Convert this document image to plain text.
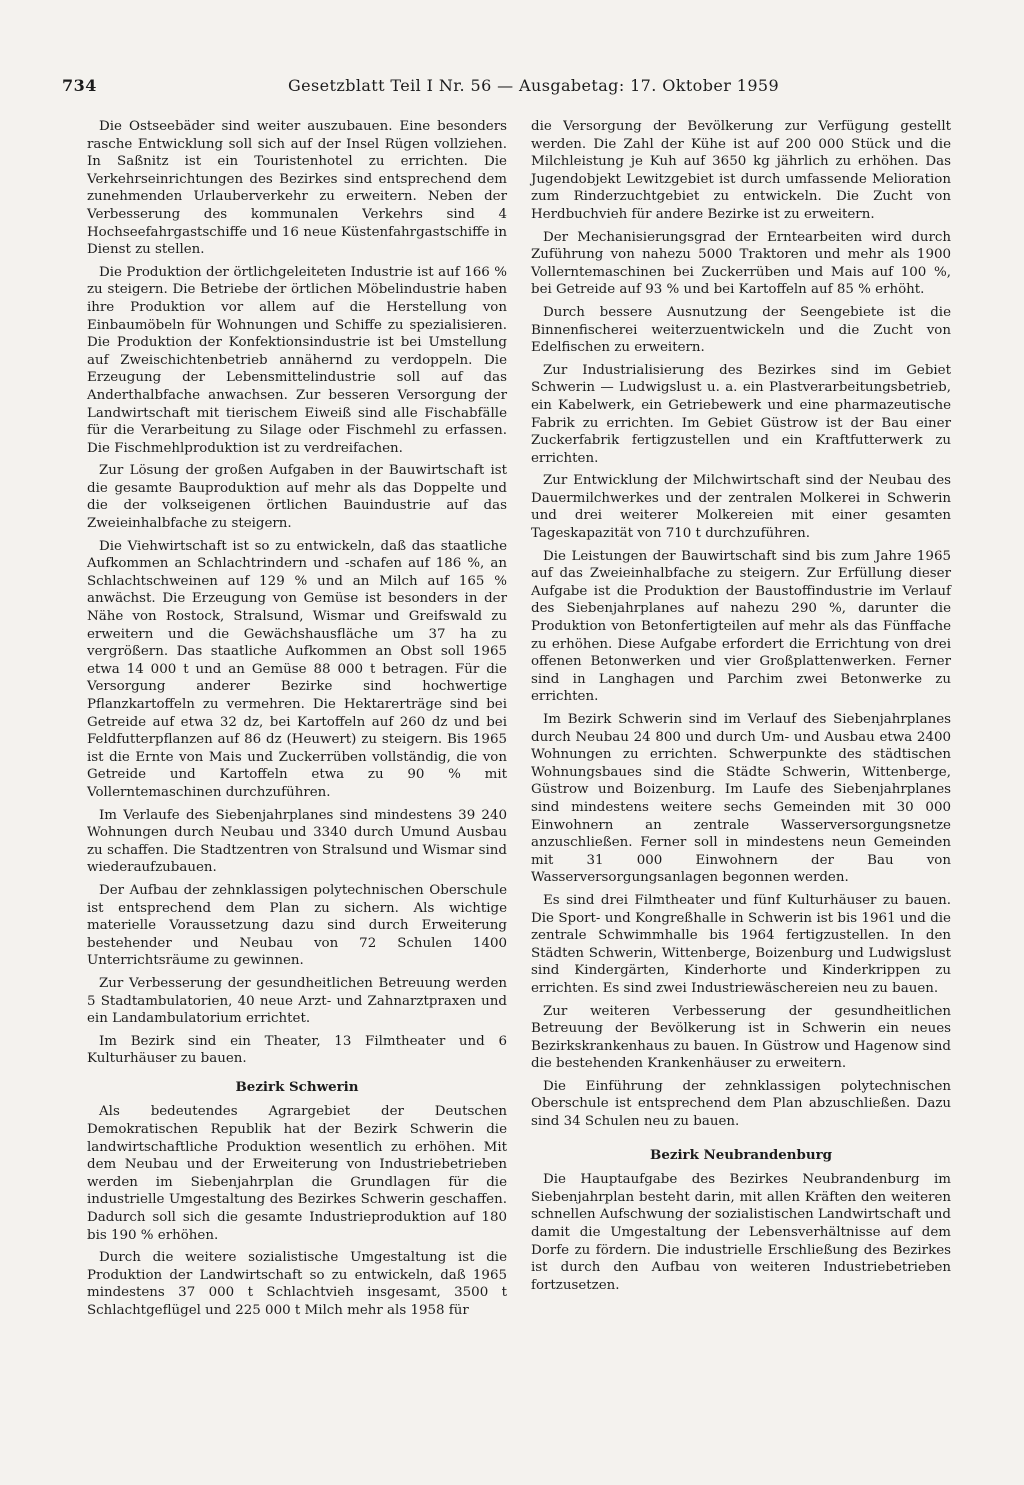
734	Gesetzblatt Teil I Nr. 56 — Ausgabetag: 17. Oktober 1959

Die Ostseebäder sind weiter auszubauen. Eine besonders rasche Entwicklung soll sich auf der Insel Rügen vollziehen. In Saßnitz ist ein Touristenhotel zu errichten. Die Verkehrseinrichtungen des Bezirkes sind entsprechend dem zunehmenden Urlauberverkehr zu erweitern. Neben der Verbesserung des kommunalen Verkehrs sind 4 Hochseefahrgastschiffe und 16 neue Küstenfahrgastschiffe in Dienst zu stellen.

Die Produktion der örtlichgeleiteten Industrie ist auf 166 % zu steigern. Die Betriebe der örtlichen Möbelindustrie haben ihre Produktion vor allem auf die Herstellung von Einbaumöbeln für Wohnungen und Schiffe zu spezialisieren. Die Produktion der Konfektionsindustrie ist bei Umstellung auf Zweischichtenbetrieb annähernd zu verdoppeln. Die Erzeugung der Lebensmittelindustrie soll auf das Anderthalbfache anwachsen. Zur besseren Versorgung der Landwirtschaft mit tierischem Eiweiß sind alle Fischabfälle für die Verarbeitung zu Silage oder Fischmehl zu erfassen. Die Fischmehlproduktion ist zu verdreifachen.

Zur Lösung der großen Aufgaben in der Bauwirtschaft ist die gesamte Bauproduktion auf mehr als das Doppelte und die der volkseigenen örtlichen Bauindustrie auf das Zweieinhalbfache zu steigern.

Die Viehwirtschaft ist so zu entwickeln, daß das staatliche Aufkommen an Schlachtrindern und -schafen auf 186 %, an Schlachtschweinen auf 129 % und an Milch auf 165 % anwächst. Die Erzeugung von Gemüse ist besonders in der Nähe von Rostock, Stralsund, Wismar und Greifswald zu erweitern und die Gewächshausfläche um 37 ha zu vergrößern. Das staatliche Aufkommen an Obst soll 1965 etwa 14 000 t und an Gemüse 88 000 t betragen. Für die Versorgung anderer Bezirke sind hochwertige Pflanzkartoffeln zu vermehren. Die Hektarerträge sind bei Getreide auf etwa 32 dz, bei Kartoffeln auf 260 dz und bei Feldfutterpflanzen auf 86 dz (Heuwert) zu steigern. Bis 1965 ist die Ernte von Mais und Zuckerrüben vollständig, die von Getreide und Kartoffeln etwa zu 90 % mit Vollerntemaschinen durchzuführen.

Im Verlaufe des Siebenjahrplanes sind mindestens 39 240 Wohnungen durch Neubau und 3340 durch Umund Ausbau zu schaffen. Die Stadtzentren von Stralsund und Wismar sind wiederaufzubauen.

Der Aufbau der zehnklassigen polytechnischen Oberschule ist entsprechend dem Plan zu sichern. Als wichtige materielle Voraussetzung dazu sind durch Erweiterung bestehender und Neubau von 72 Schulen 1400 Unterrichtsräume zu gewinnen.

Zur Verbesserung der gesundheitlichen Betreuung werden 5 Stadtambulatorien, 40 neue Arzt- und Zahnarztpraxen und ein Landambulatorium errichtet.

Im Bezirk sind ein Theater, 13 Filmtheater und 6 Kulturhäuser zu bauen.

Bezirk Schwerin

Als bedeutendes Agrargebiet der Deutschen Demokratischen Republik hat der Bezirk Schwerin die landwirtschaftliche Produktion wesentlich zu erhöhen. Mit dem Neubau und der Erweiterung von Industriebetrieben werden im Siebenjahrplan die Grundlagen für die industrielle Umgestaltung des Bezirkes Schwerin geschaffen. Dadurch soll sich die gesamte Industrieproduktion auf 180 bis 190 % erhöhen.

Durch die weitere sozialistische Umgestaltung ist die Produktion der Landwirtschaft so zu entwickeln, daß 1965 mindestens 37 000 t Schlachtvieh insgesamt, 3500 t Schlachtgeflügel und 225 000 t Milch mehr als 1958 für

die Versorgung der Bevölkerung zur Verfügung gestellt werden. Die Zahl der Kühe ist auf 200 000 Stück und die Milchleistung je Kuh auf 3650 kg jährlich zu erhöhen. Das Jugendobjekt Lewitzgebiet ist durch umfassende Melioration zum Rinderzuchtgebiet zu entwickeln. Die Zucht von Herdbuchvieh für andere Bezirke ist zu erweitern.

Der Mechanisierungsgrad der Erntearbeiten wird durch Zuführung von nahezu 5000 Traktoren und mehr als 1900 Vollerntemaschinen bei Zuckerrüben und Mais auf 100 %, bei Getreide auf 93 % und bei Kartoffeln auf 85 % erhöht.

Durch bessere Ausnutzung der Seengebiete ist die Binnenfischerei weiterzuentwickeln und die Zucht von Edelfischen zu erweitern.

Zur Industrialisierung des Bezirkes sind im Gebiet Schwerin — Ludwigslust u. a. ein Plastverarbeitungsbetrieb, ein Kabelwerk, ein Getriebewerk und eine pharmazeutische Fabrik zu errichten. Im Gebiet Güstrow ist der Bau einer Zuckerfabrik fertigzustellen und ein Kraftfutterwerk zu errichten.

Zur Entwicklung der Milchwirtschaft sind der Neubau des Dauermilchwerkes und der zentralen Molkerei in Schwerin und drei weiterer Molkereien mit einer gesamten Tageskapazität von 710 t durchzuführen.

Die Leistungen der Bauwirtschaft sind bis zum Jahre 1965 auf das Zweieinhalbfache zu steigern. Zur Erfüllung dieser Aufgabe ist die Produktion der Baustoffindustrie im Verlauf des Siebenjahrplanes auf nahezu 290 %, darunter die Produktion von Betonfertigteilen auf mehr als das Fünffache zu erhöhen. Diese Aufgabe erfordert die Errichtung von drei offenen Betonwerken und vier Großplattenwerken. Ferner sind in Langhagen und Parchim zwei Betonwerke zu errichten.

Im Bezirk Schwerin sind im Verlauf des Siebenjahrplanes durch Neubau 24 800 und durch Um- und Ausbau etwa 2400 Wohnungen zu errichten. Schwerpunkte des städtischen Wohnungsbaues sind die Städte Schwerin, Wittenberge, Güstrow und Boizenburg. Im Laufe des Siebenjahrplanes sind mindestens weitere sechs Gemeinden mit 30 000 Einwohnern an zentrale Wasserversorgungsnetze anzuschließen. Ferner soll in mindestens neun Gemeinden mit 31 000 Einwohnern der Bau von Wasserversorgungsanlagen begonnen werden.

Es sind drei Filmtheater und fünf Kulturhäuser zu bauen. Die Sport- und Kongreßhalle in Schwerin ist bis 1961 und die zentrale Schwimmhalle bis 1964 fertigzustellen. In den Städten Schwerin, Wittenberge, Boizenburg und Ludwigslust sind Kindergärten, Kinderhorte und Kinderkrippen zu errichten. Es sind zwei Industriewäschereien neu zu bauen.

Zur weiteren Verbesserung der gesundheitlichen Betreuung der Bevölkerung ist in Schwerin ein neues Bezirkskrankenhaus zu bauen. In Güstrow und Hagenow sind die bestehenden Krankenhäuser zu erweitern.

Die Einführung der zehnklassigen polytechnischen Oberschule ist entsprechend dem Plan abzuschließen. Dazu sind 34 Schulen neu zu bauen.

Bezirk Neubrandenburg

Die Hauptaufgabe des Bezirkes Neubrandenburg im Siebenjahrplan besteht darin, mit allen Kräften den weiteren schnellen Aufschwung der sozialistischen Landwirtschaft und damit die Umgestaltung der Lebensverhältnisse auf dem Dorfe zu fördern. Die industrielle Erschließung des Bezirkes ist durch den Aufbau von weiteren Industriebetrieben fortzusetzen.
